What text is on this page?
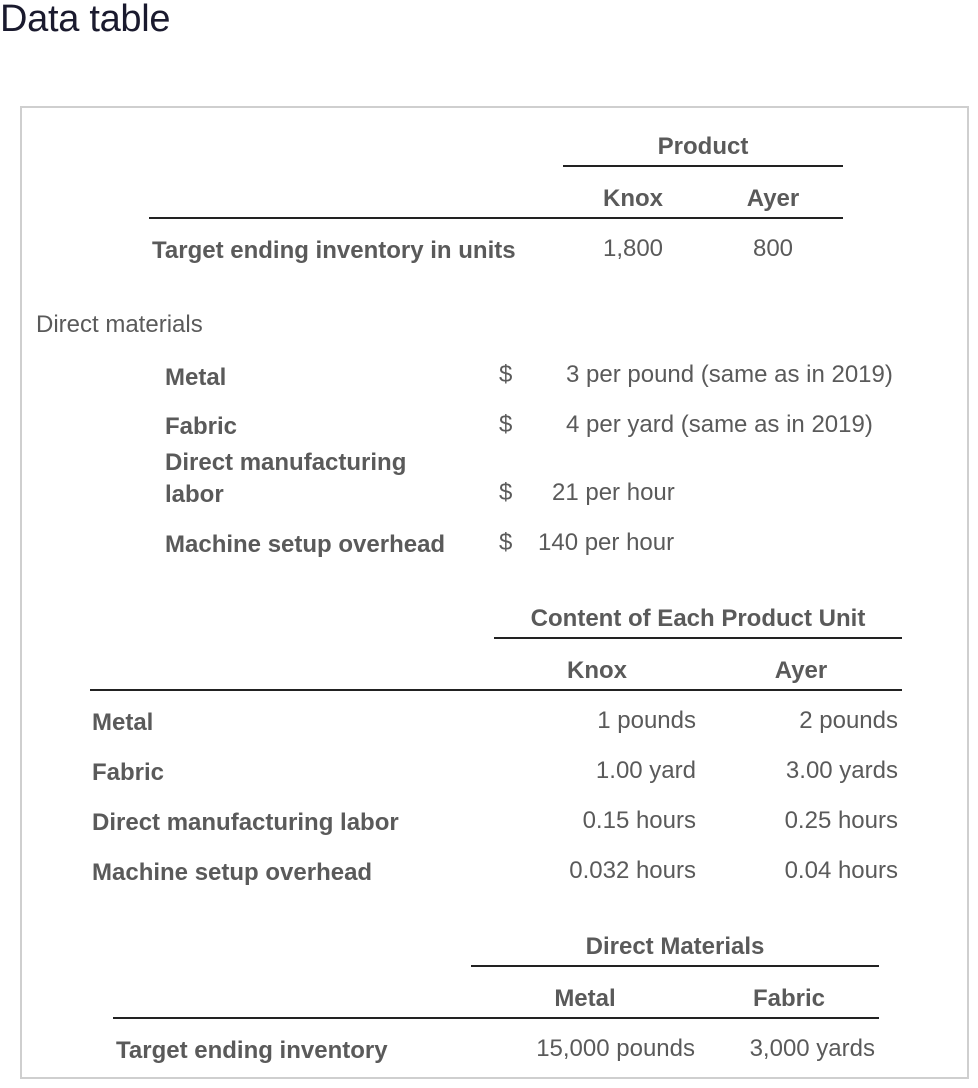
Data table
Product
Knox	Ayer
Target ending inventory in units	1,800	800
Direct materials
Metal	$ 3 per pound (same as in 2019)
Fabric	$ 4 per yard (same as in 2019)
Direct manufacturing
labor	$ 21 per hour
Machine setup overhead $ 140 per hour
Content of Each Product Unit
Knox	Ayer
Metal	1 pounds	2 pounds
Fabric	1.00 yard	3.00 yards
Direct manufacturing labor	0.15 hours	0.25 hours
Machine setup overhead	0.032 hours	0.04 hours
Direct Materials
Metal	Fabric
Target ending inventory	15,000 pounds	3,000 yards
